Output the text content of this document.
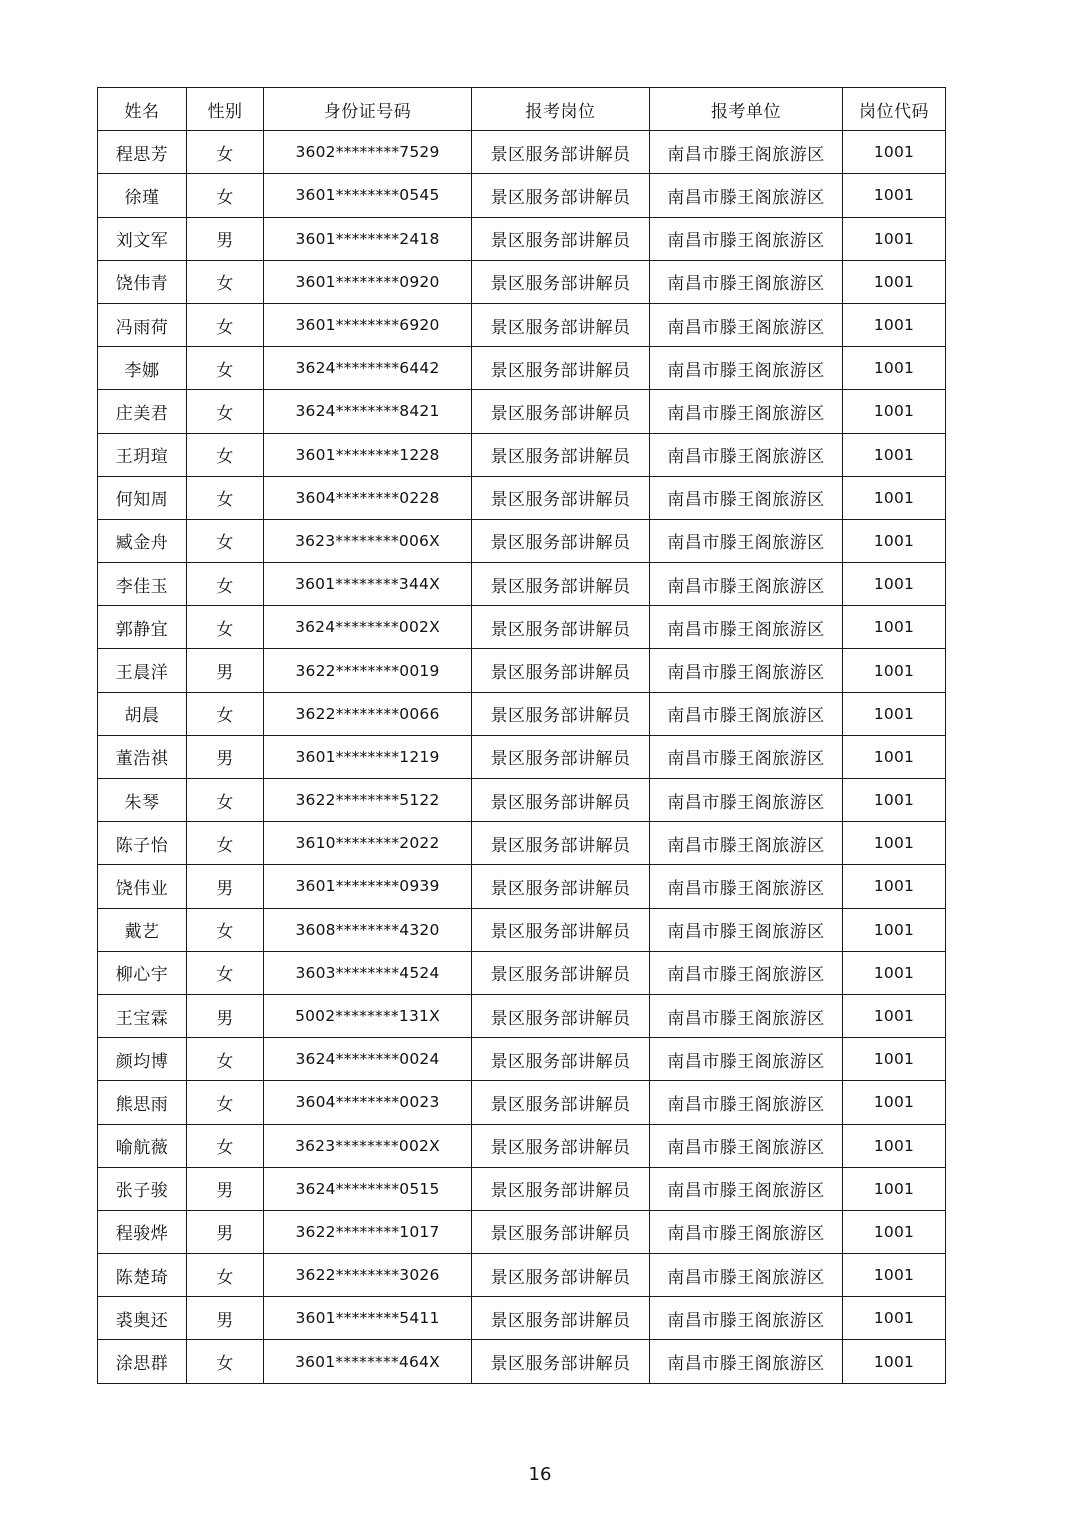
姓名	性别	身份证号码	报考岗位	报考单位	岗位代码
程思芳	女	3602********7529	景区服务部讲解员	南昌市滕王阁旅游区	1001
徐瑾	女	3601********0545	景区服务部讲解员	南昌市滕王阁旅游区	1001
刘文军	男	3601********2418	景区服务部讲解员	南昌市滕王阁旅游区	1001
饶伟青	女	3601********0920	景区服务部讲解员	南昌市滕王阁旅游区	1001
冯雨荷	女	3601********6920	景区服务部讲解员	南昌市滕王阁旅游区	1001
李娜	女	3624********6442	景区服务部讲解员	南昌市滕王阁旅游区	1001
庄美君	女	3624********8421	景区服务部讲解员	南昌市滕王阁旅游区	1001
王玥瑄	女	3601********1228	景区服务部讲解员	南昌市滕王阁旅游区	1001
何知周	女	3604********0228	景区服务部讲解员	南昌市滕王阁旅游区	1001
臧金舟	女	3623********006X	景区服务部讲解员	南昌市滕王阁旅游区	1001
李佳玉	女	3601********344X	景区服务部讲解员	南昌市滕王阁旅游区	1001
郭静宜	女	3624********002X	景区服务部讲解员	南昌市滕王阁旅游区	1001
王晨洋	男	3622********0019	景区服务部讲解员	南昌市滕王阁旅游区	1001
胡晨	女	3622********0066	景区服务部讲解员	南昌市滕王阁旅游区	1001
董浩祺	男	3601********1219	景区服务部讲解员	南昌市滕王阁旅游区	1001
朱琴	女	3622********5122	景区服务部讲解员	南昌市滕王阁旅游区	1001
陈子怡	女	3610********2022	景区服务部讲解员	南昌市滕王阁旅游区	1001
饶伟业	男	3601********0939	景区服务部讲解员	南昌市滕王阁旅游区	1001
戴艺	女	3608********4320	景区服务部讲解员	南昌市滕王阁旅游区	1001
柳心宇	女	3603********4524	景区服务部讲解员	南昌市滕王阁旅游区	1001
王宝霖	男	5002********131X	景区服务部讲解员	南昌市滕王阁旅游区	1001
颜均博	女	3624********0024	景区服务部讲解员	南昌市滕王阁旅游区	1001
熊思雨	女	3604********0023	景区服务部讲解员	南昌市滕王阁旅游区	1001
喻航薇	女	3623********002X	景区服务部讲解员	南昌市滕王阁旅游区	1001
张子骏	男	3624********0515	景区服务部讲解员	南昌市滕王阁旅游区	1001
程骏烨	男	3622********1017	景区服务部讲解员	南昌市滕王阁旅游区	1001
陈楚琦	女	3622********3026	景区服务部讲解员	南昌市滕王阁旅游区	1001
裘奥还	男	3601********5411	景区服务部讲解员	南昌市滕王阁旅游区	1001
涂思群	女	3601********464X	景区服务部讲解员	南昌市滕王阁旅游区	1001
16
